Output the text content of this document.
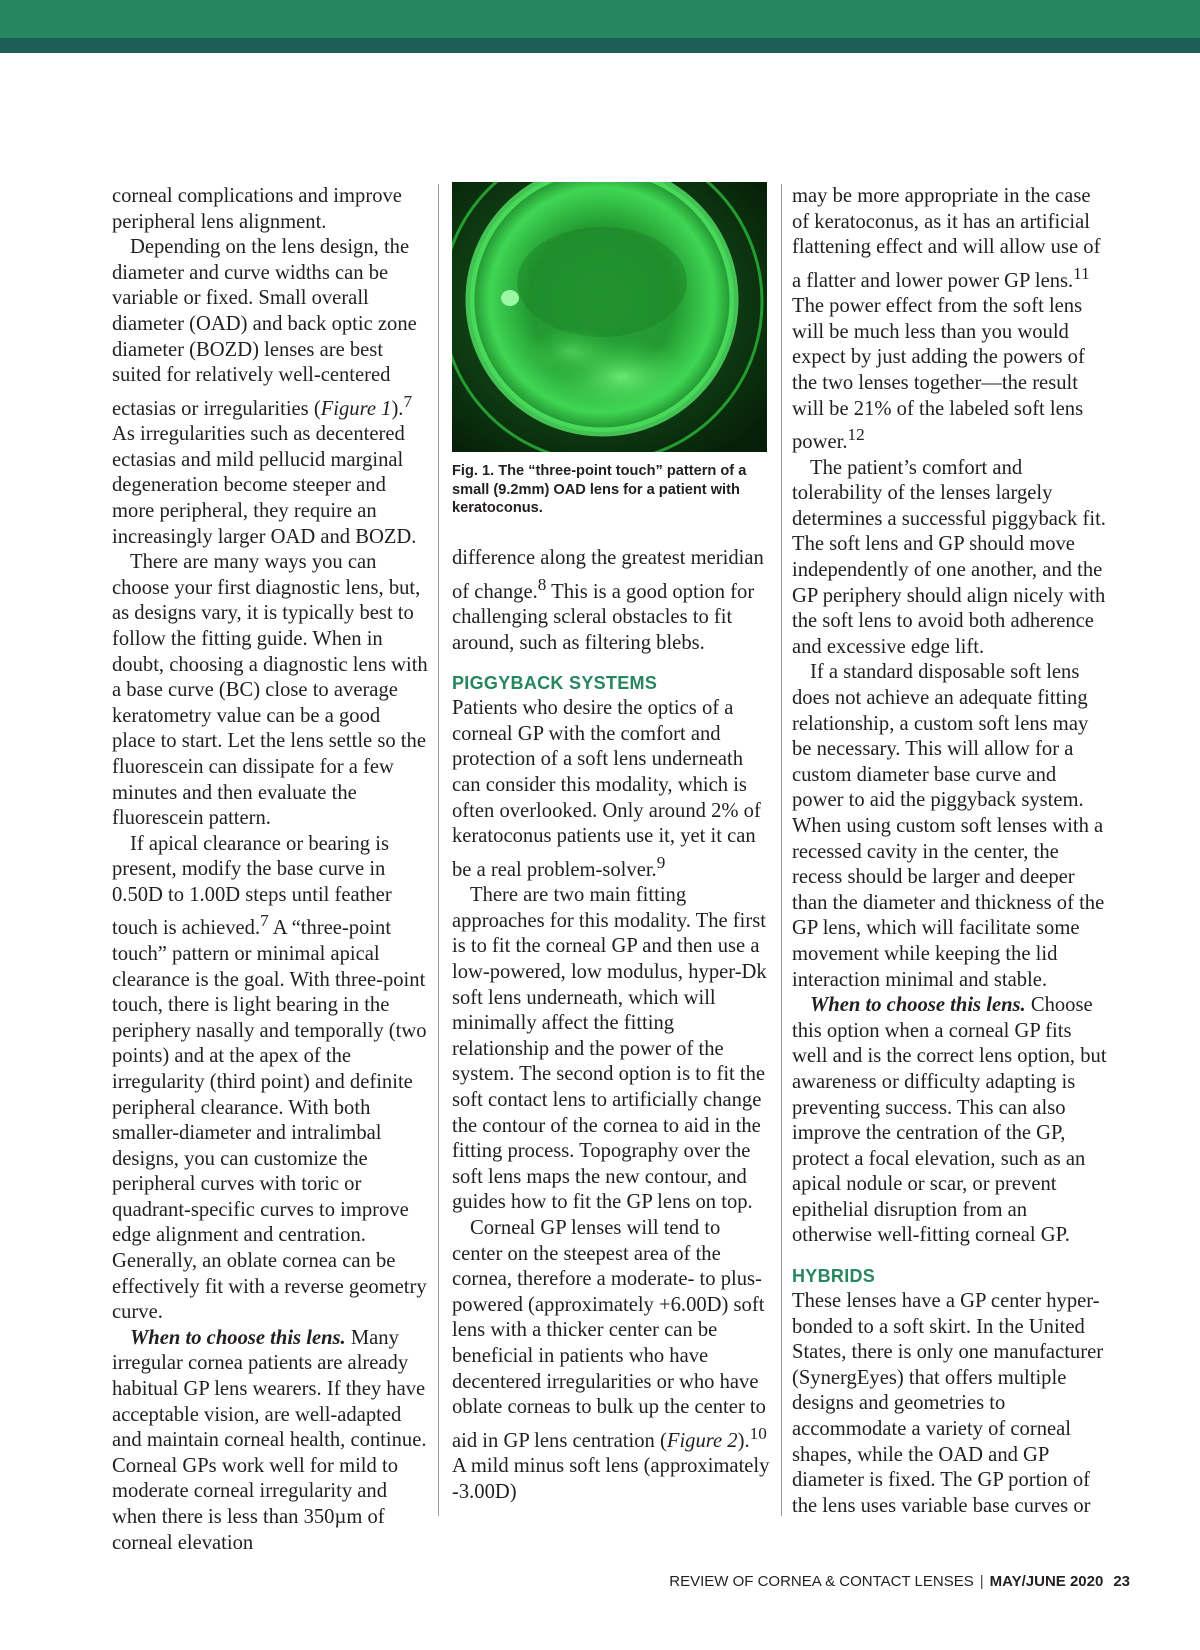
corneal complications and improve peripheral lens alignment.

Depending on the lens design, the diameter and curve widths can be variable or fixed. Small overall diameter (OAD) and back optic zone diameter (BOZD) lenses are best suited for relatively well-centered ectasias or irregularities (Figure 1).$^7$ As irregularities such as decentered ectasias and mild pellucid marginal degeneration become steeper and more peripheral, they require an increasingly larger OAD and BOZD.

There are many ways you can choose your first diagnostic lens, but, as designs vary, it is typically best to follow the fitting guide. When in doubt, choosing a diagnostic lens with a base curve (BC) close to average keratometry value can be a good place to start. Let the lens settle so the fluorescein can dissipate for a few minutes and then evaluate the fluorescein pattern.

If apical clearance or bearing is present, modify the base curve in 0.50D to 1.00D steps until feather touch is achieved.$^7$ A “three-point touch” pattern or minimal apical clearance is the goal. With three-point touch, there is light bearing in the periphery nasally and temporally (two points) and at the apex of the irregularity (third point) and definite peripheral clearance. With both smaller-diameter and intralimbal designs, you can customize the peripheral curves with toric or quadrant-specific curves to improve edge alignment and centration. Generally, an oblate cornea can be effectively fit with a reverse geometry curve.

When to choose this lens. Many irregular cornea patients are already habitual GP lens wearers. If they have acceptable vision, are well-adapted and maintain corneal health, continue. Corneal GPs work well for mild to moderate corneal irregularity and when there is less than 350µm of corneal elevation

Fig. 1. The “three-point touch” pattern of a small (9.2mm) OAD lens for a patient with keratoconus.

difference along the greatest meridian of change.$^8$ This is a good option for challenging scleral obstacles to fit around, such as filtering blebs.

PIGGYBACK SYSTEMS

Patients who desire the optics of a corneal GP with the comfort and protection of a soft lens underneath can consider this modality, which is often overlooked. Only around 2% of keratoconus patients use it, yet it can be a real problem-solver.$^9$

There are two main fitting approaches for this modality. The first is to fit the corneal GP and then use a low-powered, low modulus, hyper-Dk soft lens underneath, which will minimally affect the fitting relationship and the power of the system. The second option is to fit the soft contact lens to artificially change the contour of the cornea to aid in the fitting process. Topography over the soft lens maps the new contour, and guides how to fit the GP lens on top.

Corneal GP lenses will tend to center on the steepest area of the cornea, therefore a moderate- to plus-powered (approximately +6.00D) soft lens with a thicker center can be beneficial in patients who have decentered irregularities or who have oblate corneas to bulk up the center to aid in GP lens centration (Figure 2).$^{10}$ A mild minus soft lens (approximately -3.00D)

may be more appropriate in the case of keratoconus, as it has an artificial flattening effect and will allow use of a flatter and lower power GP lens.$^{11}$ The power effect from the soft lens will be much less than you would expect by just adding the powers of the two lenses together—the result will be 21% of the labeled soft lens power.$^{12}$

The patient’s comfort and tolerability of the lenses largely determines a successful piggyback fit. The soft lens and GP should move independently of one another, and the GP periphery should align nicely with the soft lens to avoid both adherence and excessive edge lift.

If a standard disposable soft lens does not achieve an adequate fitting relationship, a custom soft lens may be necessary. This will allow for a custom diameter base curve and power to aid the piggyback system. When using custom soft lenses with a recessed cavity in the center, the recess should be larger and deeper than the diameter and thickness of the GP lens, which will facilitate some movement while keeping the lid interaction minimal and stable.

When to choose this lens. Choose this option when a corneal GP fits well and is the correct lens option, but awareness or difficulty adapting is preventing success. This can also improve the centration of the GP, protect a focal elevation, such as an apical nodule or scar, or prevent epithelial disruption from an otherwise well-fitting corneal GP.

HYBRIDS

These lenses have a GP center hyper-bonded to a soft skirt. In the United States, there is only one manufacturer (SynergEyes) that offers multiple designs and geometries to accommodate a variety of corneal shapes, while the OAD and GP diameter is fixed. The GP portion of the lens uses variable base curves or

REVIEW OF CORNEA & CONTACT LENSES | MAY/JUNE 2020 23
